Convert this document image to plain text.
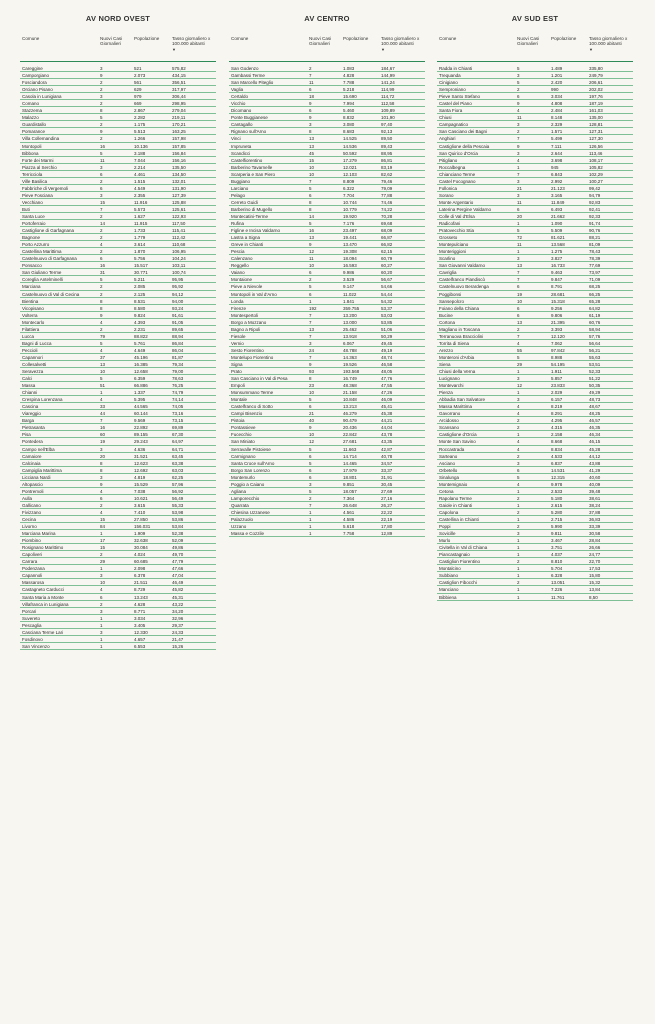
AV NORD OVEST
Comune	Nuovi Casi Giornalieri
Popolazione	Tasso giornaliero x 100.000 abitanti
▼
Careggine	3	521	575,82
Camporgiano	9	2.073	434,15
Fosciandora	2	561	356,51
Orciano Pisano	2	629	317,97
Casola in Lunigiana	3	979	306,44
Comano	2	669	298,95
Stazzema	8	2.867	279,04
Malazzo	5	2.282	219,11
Guardistallo	2	1.175	170,21
Pomarance	9	5.513	163,25
Villa Collemandina	2	1.266	157,98
Montopoli	16	10.136	157,85
Bibbona	5	3.188	156,84
Forte dei Marmi	11	7.044	156,16
Piazza al Serchio	3	2.214	135,50
Terricciola	6	4.461	134,50
Ville Basilica	2	1.515	132,01
Fabbriche di Vergemoli	6	4.549	131,90
Pieve Fosciana	3	2.355	127,39
Vecchiano	15	11.916	125,88
Buti	7	5.573	125,61
Santa Luce	2	1.627	122,93
Portoferraio	14	11.915	117,50
Castiglione di Garfagnana	2	1.733	115,41
Bagnone	2	1.779	112,42
Porto Azzurro	4	3.614	110,68
Castellina Marittima	2	1.870	106,95
Castelnuovo di Garfagnana	6	5.756	104,24
Ponsacco	16	15.517	103,11
San Giuliano Terme	31	30.771	100,74
Coreglia Antelminelli	5	5.211	95,95
Marciana	2	2.085	95,92
Castelnuovo di Val di Cecina	2	2.125	94,12
Bientina	8	8.531	94,00
Vicopisano	8	8.580	93,24
Volterra	9	9.824	91,61
Montecarlo	4	4.393	91,05
Filattiera	2	2.231	89,65
Lucca	79	88.822	88,94
Bagni di Lucca	5	5.761	86,84
Peccioli	4	4.649	86,04
Capannori	37	45.196	81,87
Collesalvetti	13	16.385	79,34
Seravezza	10	12.658	79,00
Calci	5	6.359	78,63
Massa	51	66.886	76,25
Chianni	1	1.337	74,79
Crespina Lorenzana	4	5.395	74,14
Cascina	33	44.565	74,05
Viareggio	44	60.144	73,16
Barga	7	9.569	73,15
Pietrasanta	16	22.892	69,89
Pisa	60	89.155	67,30
Pontedera	19	29.243	64,97
Campo nell'Elba	3	4.636	64,71
Camaiore	20	31.521	63,45
Calcinaia	8	12.623	63,38
Campiglia Marittima	8	12.692	63,03
Licciana Nardi	3	4.819	62,25
Altopascio	9	15.529	57,96
Pontremoli	4	7.038	56,92
Aulla	6	10.621	56,49
Gallicano	2	3.615	55,33
Fivizzano	4	7.410	53,98
Cecina	15	27.850	53,86
Livorno	84	156.031	53,84
Marciana Marina	1	1.909	52,38
Piombino	17	32.638	52,09
Rosignano Marittimo	15	30.084	49,86
Capoliveri	2	4.024	49,70
Carrara	29	60.685	47,79
Podenzana	1	2.098	47,66
Capannoli	3	6.378	47,04
Massarosa	10	21.511	46,49
Castagneto Carducci	4	8.729	45,82
Santa Maria a Monte	6	13.243	45,31
Villafranca in Lunigiana	2	4.628	43,22
Porcari	3	8.771	34,20
Suvereto	1	3.034	32,96
Pescaglia	1	3.405	29,37
Casciana Terme Lari	3	12.330	24,33
Fosdinovo	1	4.657	21,47
San Vincenzo	1	6.553	15,26
AV CENTRO
Comune	Nuovi Casi Giornalieri
Popolazione	Tasso giornaliero x 100.000 abitanti
▼
San Godenzo	2	1.083	184,67
Gambassi Terme	7	4.828	144,99
San Marcello Piteglio	11	7.788	141,24
Vaglia	6	5.218	114,99
Certaldo	18	15.690	114,72
Vicchio	9	7.994	112,58
Dicomano	6	5.460	109,89
Ponte Buggianese	9	8.832	101,90
Cantagallo	3	3.080	97,40
Rignano sull'Arno	8	8.683	92,13
Vinci	13	14.525	89,50
Impruneta	13	14.536	89,43
Scandicci	45	50.592	88,95
Castelfiorentino	15	17.279	86,81
Barberino Tavarnelle	10	12.021	83,19
Scarperia e San Piero	10	12.103	82,62
Buggiano	7	8.809	79,46
Larciano	5	6.322	79,09
Pelago	6	7.704	77,88
Cerreto Guidi	8	10.744	74,46
Barberino di Mugello	8	10.779	74,22
Montecatini-Terme	14	19.920	70,28
Rufina	5	7.176	69,68
Figline e Incisa Valdarno	16	23.497	68,09
Lastra a Signa	13	19.441	66,87
Greve in Chianti	9	13.470	66,82
Pescia	12	19.308	62,15
Calenzano	11	18.094	60,79
Reggello	10	16.593	60,27
Vaiano	6	9.986	60,20
Montaione	2	3.529	56,67
Pieve a Nievole	5	9.147	54,66
Montopoli in Val d'Arno	6	11.022	54,44
Londa	1	1.841	54,32
Firenze	192	359.755	53,37
Montespertoli	7	13.200	53,03
Borgo a Mozzano	7	13.000	53,85
Bagno a Ripoli	13	25.462	51,06
Fiesole	7	13.918	50,29
Vernio	3	6.067	49,45
Sesto Fiorentino	24	48.788	49,19
Montelupo Fiorentino	7	14.363	48,74
Signa	9	19.526	46,58
Prato	93	193.568	48,05
San Casciano in Val di Pesa	8	16.749	47,76
Empoli	23	48.368	47,55
Monsummano Terme	10	21.158	47,26
Montale	5	10.848	46,09
Castelfranco di Sotto	6	13.213	45,41
Campi Bisenzio	21	46.279	45,38
Pistoia	40	90.479	44,21
Pontassieve	9	20.436	44,04
Fucecchio	10	22.842	43,78
San Miniato	12	27.681	43,35
Serravalle Pistoiese	5	11.663	42,87
Carmignano	6	14.714	40,78
Santa Croce sull'Arno	5	14.465	34,57
Borgo San Lorenzo	6	17.979	33,37
Montemurlo	6	18.801	31,91
Poggio a Caiano	3	9.851	30,45
Agliana	5	18.057	27,69
Lamporecchio	2	7.364	27,16
Quarrata	7	26.648	26,27
Chiesina Uzzanese	1	4.561	22,22
Palazzuolo	1	4.586	22,19
Uzzano	1	5.618	17,80
Massa e Cozzile	1	7.758	12,89
AV SUD EST
Comune	Nuovi Casi Giornalieri
Popolazione	Tasso giornaliero x 100.000 abitanti
▼
Radda in Chianti	5	1.489	335,80
Trequanda	3	1.201	249,79
Cinigiano	5	2.420	206,61
Semproniano	2	990	202,02
Pieve Santo Stefano	6	3.034	197,76
Castel del Piano	9	4.808	187,19
Santa Fiora	4	2.484	161,03
Chiusi	11	8.148	135,00
Campagnatico	3	2.329	128,81
San Casciano dei Bagni	2	1.571	127,31
Anghiari	7	5.499	127,30
Castiglione della Pescaia	9	7.111	126,56
San Quirico d'Orcia	3	2.644	113,46
Pitigliano	4	3.698	108,17
Roccalbegna	1	945	105,82
Chianciano Terme	7	6.843	102,29
Castel Focognano	3	2.992	100,27
Follonica	21	21.123	99,42
Sorano	3	3.165	94,79
Monte Argentario	11	11.849	92,83
Laterina Pergine Valdarno	6	6.493	92,41
Colle di Val d'Elsa	20	21.662	92,33
Radicofani	1	1.090	91,74
Pratovecchio Stia	5	5.509	90,76
Grosseto	72	81.621	88,21
Montepulciano	11	13.568	81,09
Monteriggioni	1	1.275	78,43
Scarlino	3	3.827	78,39
San Giovanni Valdarno	13	16.733	77,69
Cavriglia	7	9.463	73,97
Castelfranco Piandiscò	7	9.847	71,09
Castelnuovo Berardenga	6	8.791	68,25
Poggibonsi	19	28.681	66,25
Sansepolcro	10	15.318	65,28
Foiano della Chiana	6	9.256	64,82
Bucine	6	9.806	61,19
Cortona	13	21.395	60,76
Magliano in Toscana	2	3.393	58,94
Terranuova Bracciolini	7	12.120	57,76
Torrita di Siena	4	7.062	56,64
Arezzo	55	97.842	56,21
Monteroni d'Arbia	5	8.988	55,63
Siena	29	54.195	53,51
Chiusi della Verna	1	1.911	52,33
Lucignano	3	5.857	51,22
Montevarchi	12	23.833	50,35
Pienza	1	2.029	49,29
Abbadia San Salvatore	3	6.157	48,73
Massa Marittima	4	8.219	48,67
Gavorrano	4	8.291	48,25
Arcidosso	2	4.295	46,57
Scansano	2	4.315	46,35
Castiglione d'Orcia	1	2.158	46,34
Monte San Savino	4	8.668	46,15
Roccastrada	4	8.834	45,28
Sarteano	2	4.533	44,12
Asciano	3	6.837	43,88
Orbetello	6	14.531	41,29
Sinalunga	5	12.315	40,60
Montemignaio	4	9.978	40,09
Cetona	1	2.533	39,48
Rapolano Terme	2	5.180	38,61
Gaiole in Chianti	1	2.615	38,24
Capolona	2	5.280	37,88
Castellina in Chianti	1	2.715	36,83
Poppi	2	5.990	33,39
Sovicille	3	9.811	30,58
Murlo	1	3.467	28,84
Civitella in Val di Chiana	1	3.751	26,66
Piancastagnaio	1	4.037	24,77
Castiglion Fiorentino	2	8.810	22,70
Montalcino	1	5.704	17,53
Subbiano	1	6.328	15,80
Castiglion Fibocchi	2	13.051	15,32
Manciano	1	7.226	13,84
Bibbiena	1	11.761	8,50
